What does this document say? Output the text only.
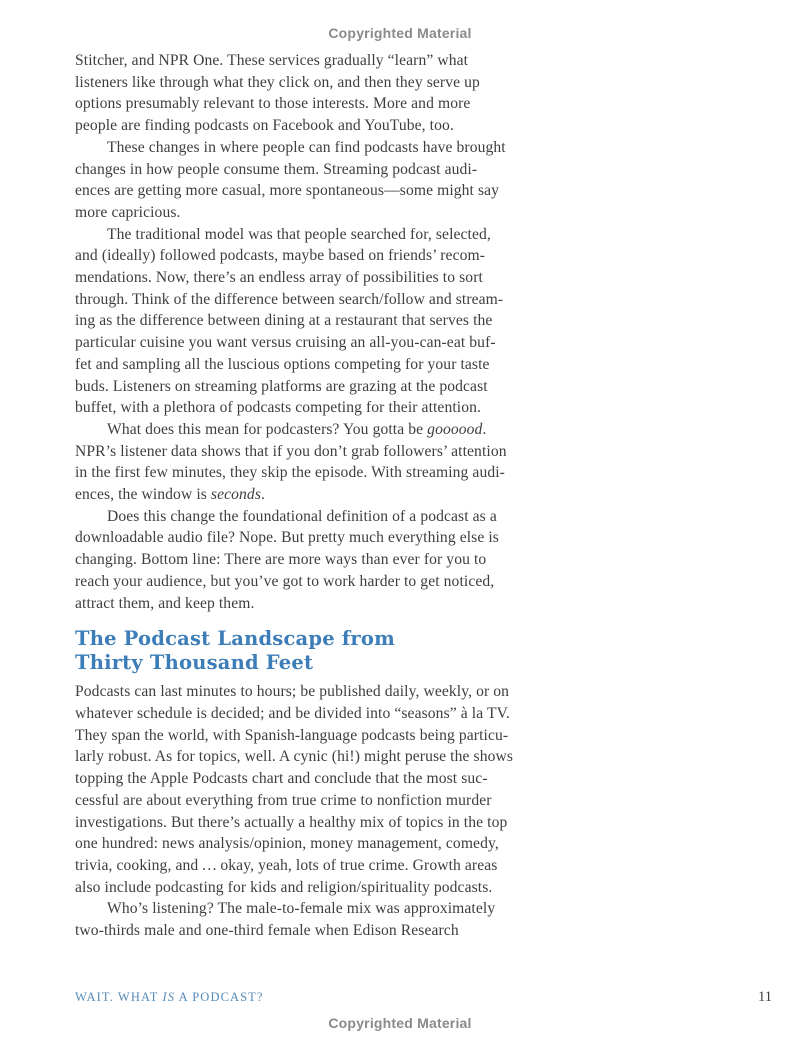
Copyrighted Material
Stitcher, and NPR One. These services gradually “learn” what
listeners like through what they click on, and then they serve up
options presumably relevant to those interests. More and more
people are finding podcasts on Facebook and YouTube, too.
These changes in where people can find podcasts have brought
changes in how people consume them. Streaming podcast audi-
ences are getting more casual, more spontaneous—some might say
more capricious.
The traditional model was that people searched for, selected,
and (ideally) followed podcasts, maybe based on friends’ recom-
mendations. Now, there’s an endless array of possibilities to sort
through. Think of the difference between search/follow and stream-
ing as the difference between dining at a restaurant that serves the
particular cuisine you want versus cruising an all-you-can-eat buf-
fet and sampling all the luscious options competing for your taste
buds. Listeners on streaming platforms are grazing at the podcast
buffet, with a plethora of podcasts competing for their attention.
What does this mean for podcasters? You gotta be goooood.
NPR’s listener data shows that if you don’t grab followers’ attention
in the first few minutes, they skip the episode. With streaming audi-
ences, the window is seconds.
Does this change the foundational definition of a podcast as a
downloadable audio file? Nope. But pretty much everything else is
changing. Bottom line: There are more ways than ever for you to
reach your audience, but you’ve got to work harder to get noticed,
attract them, and keep them.
The Podcast Landscape from
Thirty Thousand Feet
Podcasts can last minutes to hours; be published daily, weekly, or on
whatever schedule is decided; and be divided into “seasons” à la TV.
They span the world, with Spanish-language podcasts being particu-
larly robust. As for topics, well. A cynic (hi!) might peruse the shows
topping the Apple Podcasts chart and conclude that the most suc-
cessful are about everything from true crime to nonfiction murder
investigations. But there’s actually a healthy mix of topics in the top
one hundred: news analysis/opinion, money management, comedy,
trivia, cooking, and … okay, yeah, lots of true crime. Growth areas
also include podcasting for kids and religion/spirituality podcasts.
Who’s listening? The male-to-female mix was approximately
two-thirds male and one-third female when Edison Research
WAIT. WHAT IS A PODCAST?	11
Copyrighted Material
